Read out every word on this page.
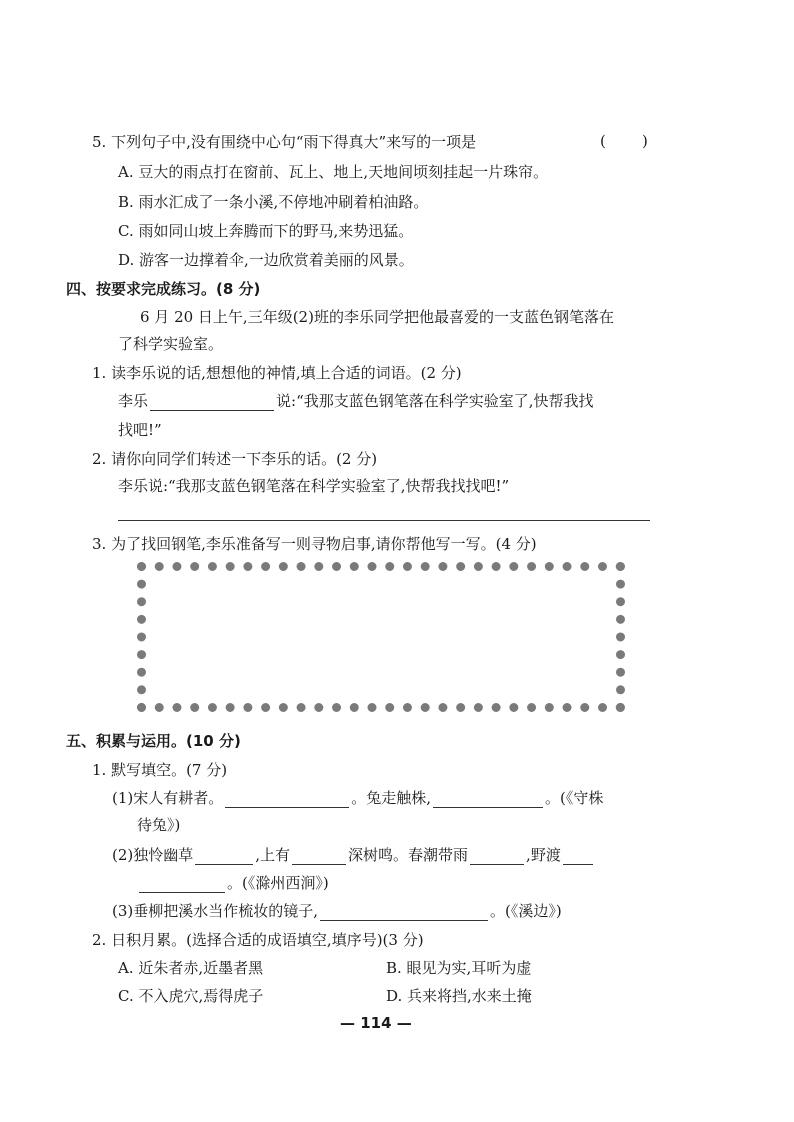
5. 下列句子中,没有围绕中心句“雨下得真大”来写的一项是	( )
A. 豆大的雨点打在窗前、瓦上、地上,天地间顷刻挂起一片珠帘。
B. 雨水汇成了一条小溪,不停地冲刷着柏油路。
C. 雨如同山坡上奔腾而下的野马,来势迅猛。
D. 游客一边撑着伞,一边欣赏着美丽的风景。
四、按要求完成练习。(8 分)
6 月 20 日上午,三年级(2)班的李乐同学把他最喜爱的一支蓝色钢笔落在
了科学实验室。
1. 读李乐说的话,想想他的神情,填上合适的词语。(2 分)
李乐	说:“我那支蓝色钢笔落在科学实验室了,快帮我找
找吧!”
2. 请你向同学们转述一下李乐的话。(2 分)
李乐说:“我那支蓝色钢笔落在科学实验室了,快帮我找找吧!”
3. 为了找回钢笔,李乐准备写一则寻物启事,请你帮他写一写。(4 分)
五、积累与运用。(10 分)
1. 默写填空。(7 分)
(1)宋人有耕者。	。兔走触株,	。(《守株
待兔》)
(2)独怜幽草	,上有	深树鸣。春潮带雨	,野渡
。(《滁州西涧》)
(3)垂柳把溪水当作梳妆的镜子,	。(《溪边》)
2. 日积月累。(选择合适的成语填空,填序号)(3 分)
A. 近朱者赤,近墨者黑	B. 眼见为实,耳听为虚
C. 不入虎穴,焉得虎子	D. 兵来将挡,水来土掩
— 114 —
